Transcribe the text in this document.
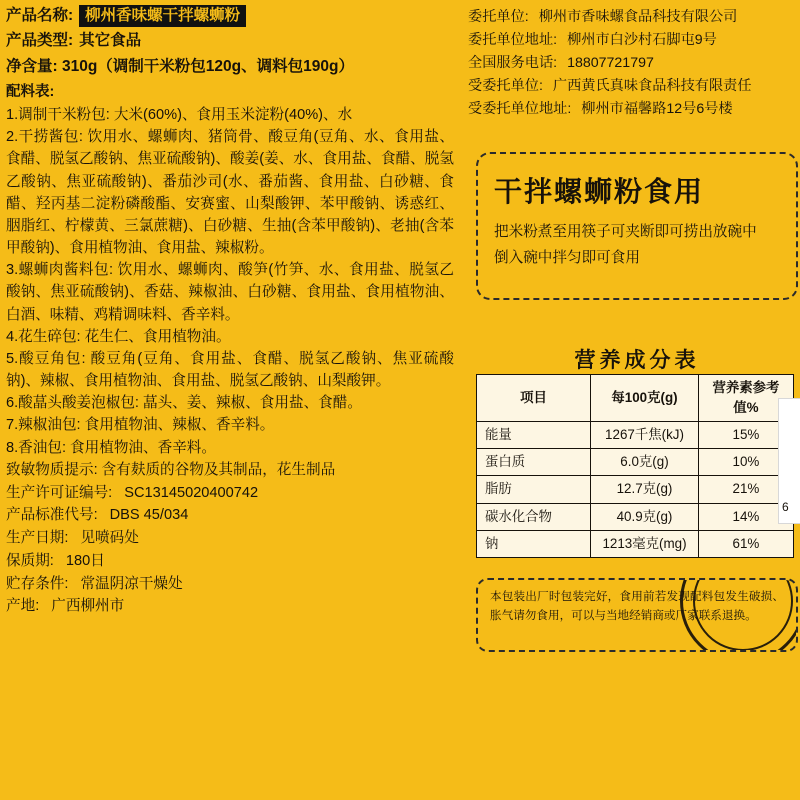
产品名称: 柳州香味螺干拌螺蛳粉
产品类型: 其它食品
净含量: 310g（调制干米粉包120g、调料包190g）
配料表:
1.调制干米粉包: 大米(60%)、食用玉米淀粉(40%)、水
2.干捞酱包: 饮用水、螺蛳肉、猪筒骨、酸豆角(豆角、水、食用盐、食醋、脱氢乙酸钠、焦亚硫酸钠)、酸姜(姜、水、食用盐、食醋、脱氢乙酸钠、焦亚硫酸钠)、番茄沙司(水、番茄酱、食用盐、白砂糖、食醋、羟丙基二淀粉磷酸酯、安赛蜜、山梨酸钾、苯甲酸钠、诱惑红、胭脂红、柠檬黄、三氯蔗糖)、白砂糖、生抽(含苯甲酸钠)、老抽(含苯甲酸钠)、食用植物油、食用盐、辣椒粉。
3.螺蛳肉酱料包: 饮用水、螺蛳肉、酸笋(竹笋、水、食用盐、脱氢乙酸钠、焦亚硫酸钠)、香菇、辣椒油、白砂糖、食用盐、食用植物油、白酒、味精、鸡精调味料、香辛料。
4.花生碎包: 花生仁、食用植物油。
5.酸豆角包: 酸豆角(豆角、食用盐、食醋、脱氢乙酸钠、焦亚硫酸钠)、辣椒、食用植物油、食用盐、脱氢乙酸钠、山梨酸钾。
6.酸蕌头酸姜泡椒包: 蕌头、姜、辣椒、食用盐、食醋。
7.辣椒油包: 食用植物油、辣椒、香辛料。
8.香油包: 食用植物油、香辛料。
致敏物质提示: 含有麸质的谷物及其制品，花生制品
生产许可证编号: SC13145020400742
产品标准代号: DBS 45/034
生产日期: 见喷码处
保质期: 180日
贮存条件: 常温阴凉干燥处
产地: 广西柳州市
委托单位: 柳州市香味螺食品科技有限公司
委托单位地址: 柳州市白沙村石脚屯9号
全国服务电话: 18807721797
受委托单位: 广西黄氏真味食品科技有限责任
受委托单位地址: 柳州市福馨路12号6号楼
干拌螺蛳粉食用
把米粉煮至用筷子可夹断即可捞出放碗中
倒入碗中拌匀即可食用
营养成分表
项目	每100克(g)	营养素参考值%
能量	1267千焦(kJ)	15%
蛋白质	6.0克(g)	10%
脂肪	12.7克(g)	21%
碳水化合物	40.9克(g)	14%
钠	1213毫克(mg)	61%
本包装出厂时包装完好，食用前若发现配料包发生破损、胀气请勿食用，可以与当地经销商或厂家联系退换。
6
